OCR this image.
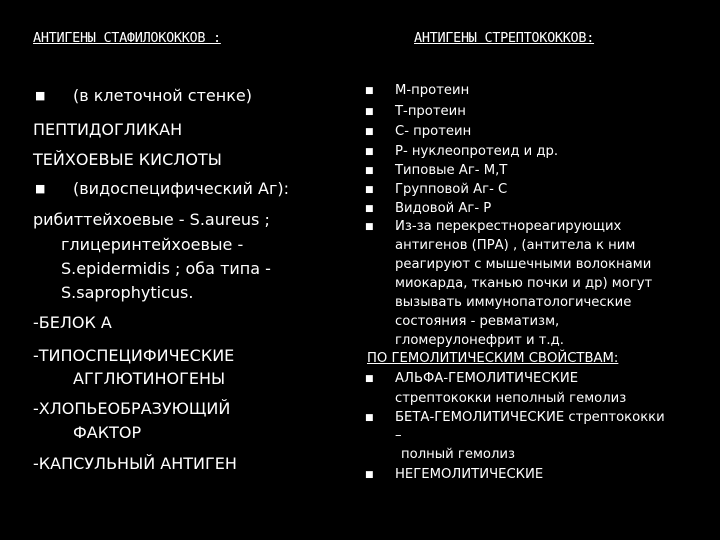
АНТИГЕНЫ СТАФИЛОКОККОВ :	АНТИГЕНЫ СТРЕПТОКОККОВ:
■ (в клеточной стенке)
ПЕПТИДОГЛИКАН
ТЕЙХОЕВЫЕ КИСЛОТЫ
■ (видоспецифический Аг):
рибиттейхоевые - S.aureus ;
глицеринтейхоевые -
S.epidermidis ; оба типа -
S.saprophyticus.
-БЕЛОК А
-ТИПОСПЕЦИФИЧЕСКИЕ
АГГЛЮТИНОГЕНЫ
-ХЛОПЬЕОБРАЗУЮЩИЙ
ФАКТОР
-КАПСУЛЬНЫЙ АНТИГЕН
■ М-протеин
■ Т-протеин
■ С- протеин
■ Р- нуклеопротеид и др.
■ Типовые Аг- М,Т
■ Групповой Аг- С
■ Видовой Аг- Р
■ Из-за перекрестнореагирующих
антигенов (ПРА) , (антитела к ним
реагируют с мышечными волокнами
миокарда, тканью почки и др) могут
вызывать иммунопатологические
состояния - ревматизм,
гломерулонефрит и т.д.
ПО ГЕМОЛИТИЧЕСКИМ СВОЙСТВАМ:
■ АЛЬФА-ГЕМОЛИТИЧЕСКИЕ
стрептококки неполный гемолиз
■ БЕТА-ГЕМОЛИТИЧЕСКИЕ стрептококки
–
полный гемолиз
■ НЕГЕМОЛИТИЧЕСКИЕ
